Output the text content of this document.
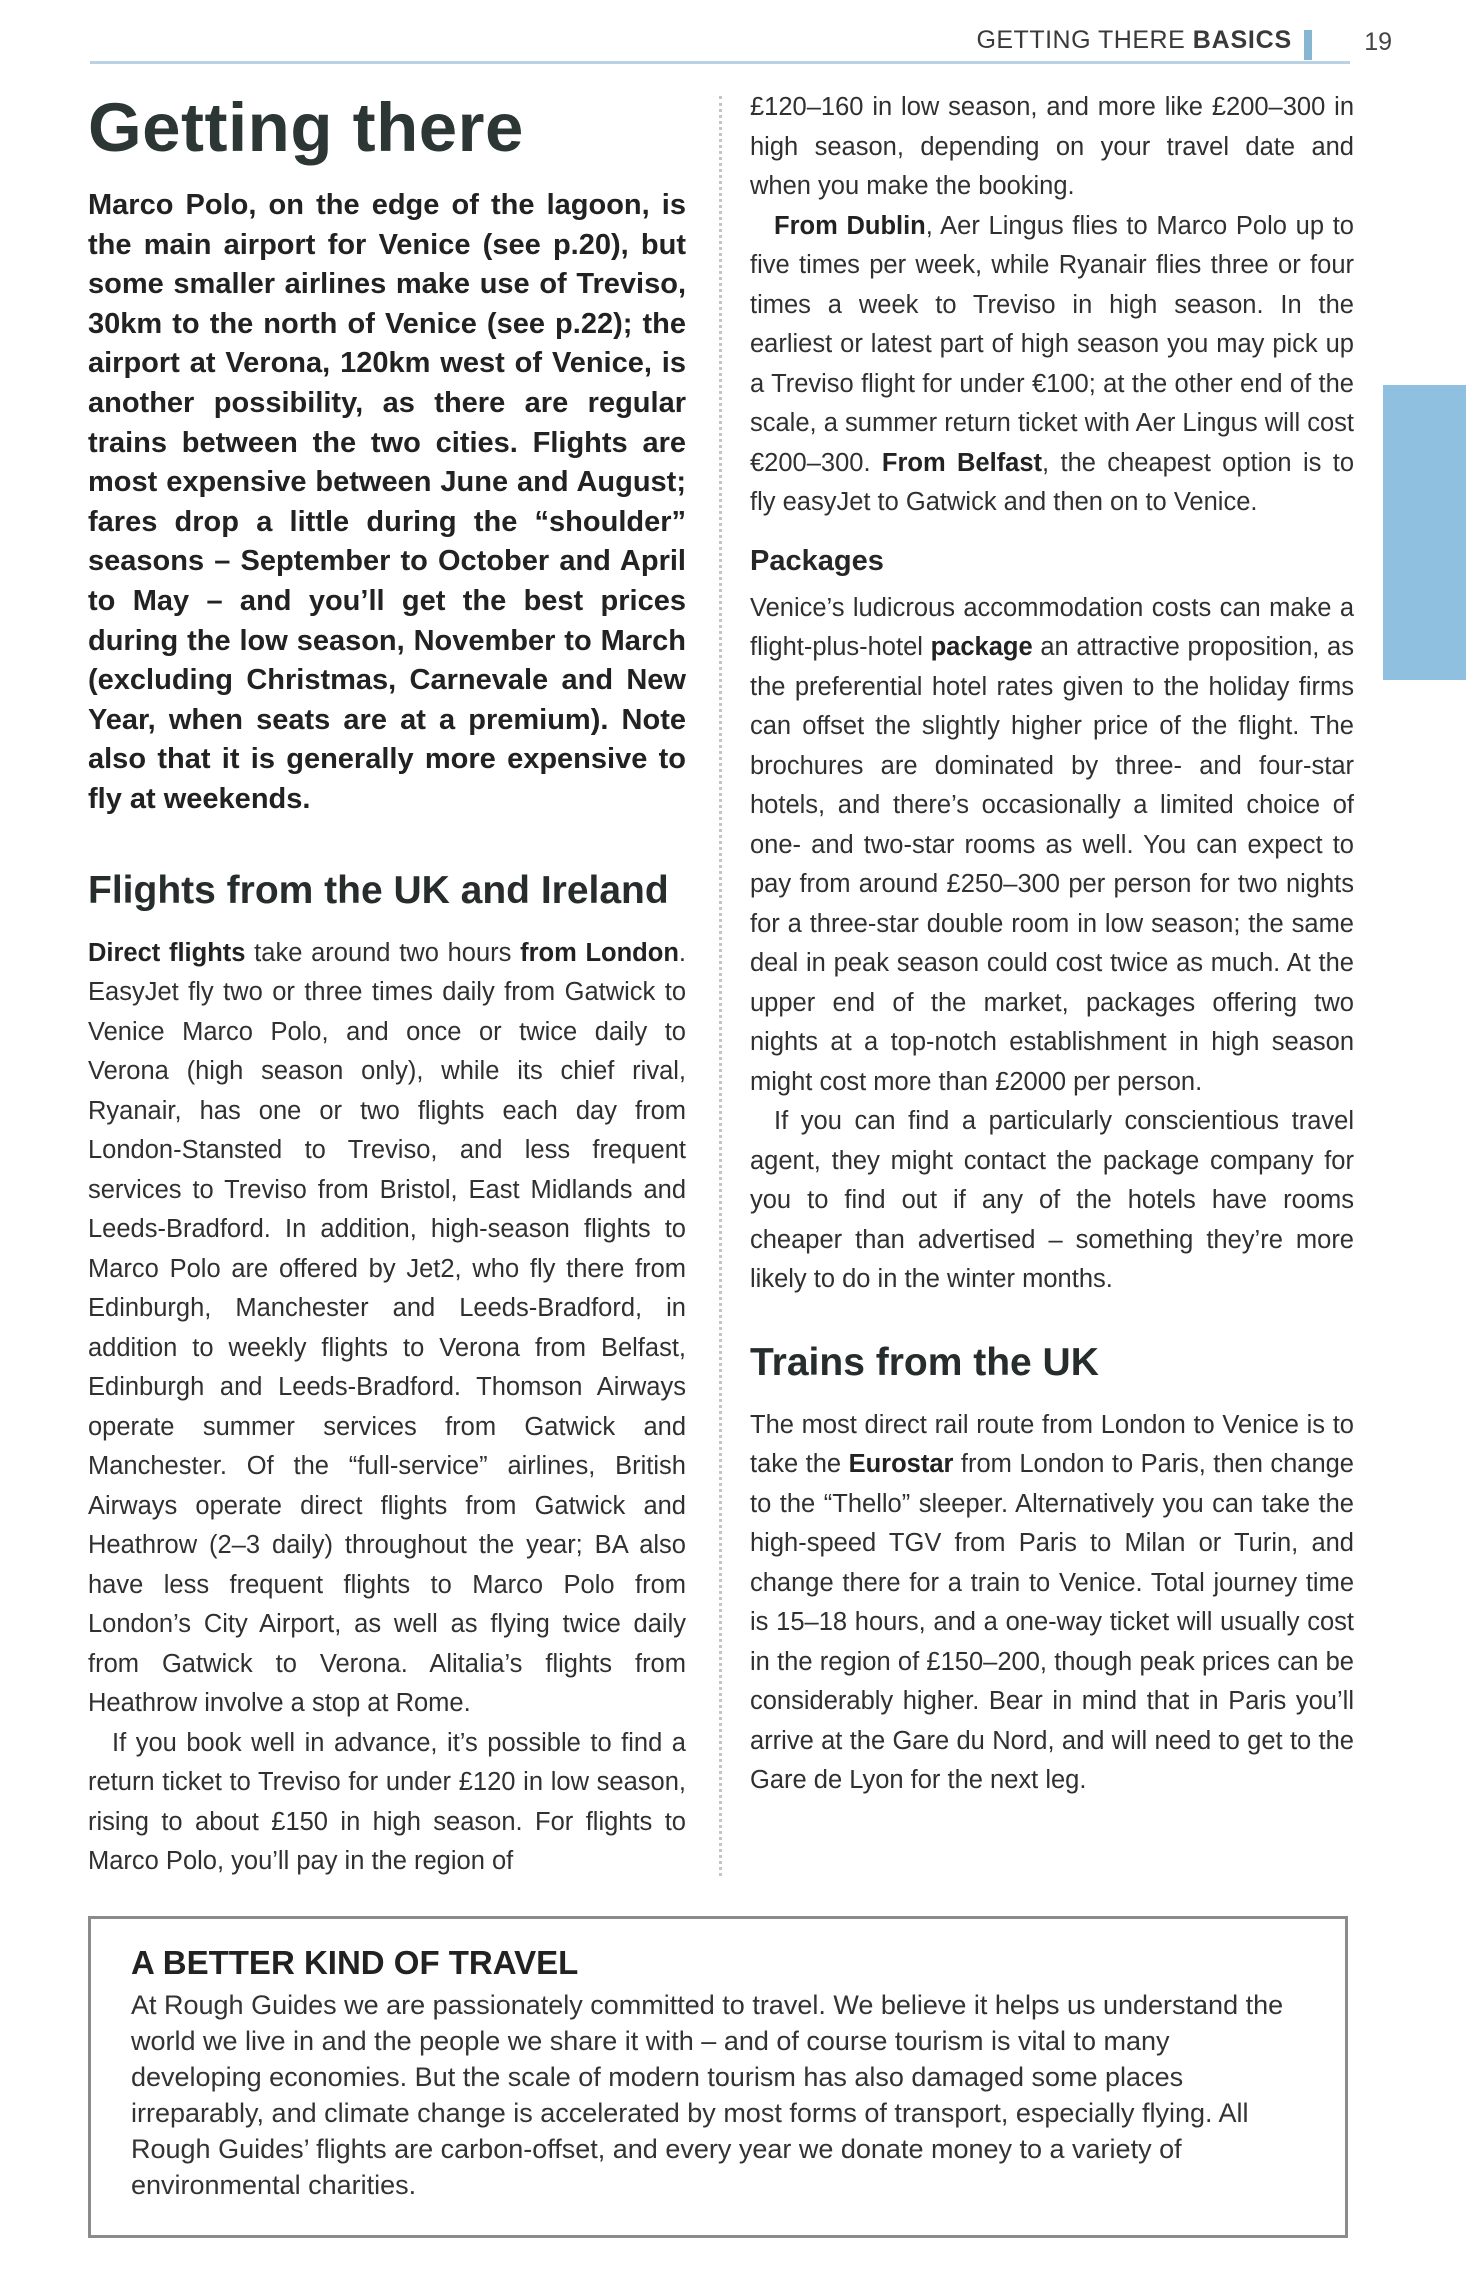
GETTING THERE BASICS	19
Getting there

Marco Polo, on the edge of the lagoon, is the main airport for Venice (see p.20), but some smaller airlines make use of Treviso, 30km to the north of Venice (see p.22); the airport at Verona, 120km west of Venice, is another possibility, as there are regular trains between the two cities. Flights are most expensive between June and August; fares drop a little during the “shoulder” seasons – September to October and April to May – and you’ll get the best prices during the low season, November to March (excluding Christmas, Carnevale and New Year, when seats are at a premium). Note also that it is generally more expensive to fly at weekends.

Flights from the UK and Ireland

Direct flights take around two hours from London. EasyJet fly two or three times daily from Gatwick to Venice Marco Polo, and once or twice daily to Verona (high season only), while its chief rival, Ryanair, has one or two flights each day from London-Stansted to Treviso, and less frequent services to Treviso from Bristol, East Midlands and Leeds-Bradford. In addition, high-season flights to Marco Polo are offered by Jet2, who fly there from Edinburgh, Manchester and Leeds-Bradford, in addition to weekly flights to Verona from Belfast, Edinburgh and Leeds-Bradford. Thomson Airways operate summer services from Gatwick and Manchester. Of the “full-service” airlines, British Airways operate direct flights from Gatwick and Heathrow (2–3 daily) throughout the year; BA also have less frequent flights to Marco Polo from London’s City Airport, as well as flying twice daily from Gatwick to Verona. Alitalia’s flights from Heathrow involve a stop at Rome.

If you book well in advance, it’s possible to find a return ticket to Treviso for under £120 in low season, rising to about £150 in high season. For flights to Marco Polo, you’ll pay in the region of

£120–160 in low season, and more like £200–300 in high season, depending on your travel date and when you make the booking.

From Dublin, Aer Lingus flies to Marco Polo up to five times per week, while Ryanair flies three or four times a week to Treviso in high season. In the earliest or latest part of high season you may pick up a Treviso flight for under €100; at the other end of the scale, a summer return ticket with Aer Lingus will cost €200–300. From Belfast, the cheapest option is to fly easyJet to Gatwick and then on to Venice.

Packages

Venice’s ludicrous accommodation costs can make a flight-plus-hotel package an attractive proposition, as the preferential hotel rates given to the holiday firms can offset the slightly higher price of the flight. The brochures are dominated by three- and four-star hotels, and there’s occasionally a limited choice of one- and two-star rooms as well. You can expect to pay from around £250–300 per person for two nights for a three-star double room in low season; the same deal in peak season could cost twice as much. At the upper end of the market, packages offering two nights at a top-notch establishment in high season might cost more than £2000 per person.

If you can find a particularly conscientious travel agent, they might contact the package company for you to find out if any of the hotels have rooms cheaper than advertised – something they’re more likely to do in the winter months.

Trains from the UK

The most direct rail route from London to Venice is to take the Eurostar from London to Paris, then change to the “Thello” sleeper. Alternatively you can take the high-speed TGV from Paris to Milan or Turin, and change there for a train to Venice. Total journey time is 15–18 hours, and a one-way ticket will usually cost in the region of £150–200, though peak prices can be considerably higher. Bear in mind that in Paris you’ll arrive at the Gare du Nord, and will need to get to the Gare de Lyon for the next leg.

A BETTER KIND OF TRAVEL
At Rough Guides we are passionately committed to travel. We believe it helps us understand the world we live in and the people we share it with – and of course tourism is vital to many developing economies. But the scale of modern tourism has also damaged some places irreparably, and climate change is accelerated by most forms of transport, especially flying. All Rough Guides’ flights are carbon-offset, and every year we donate money to a variety of environmental charities.
